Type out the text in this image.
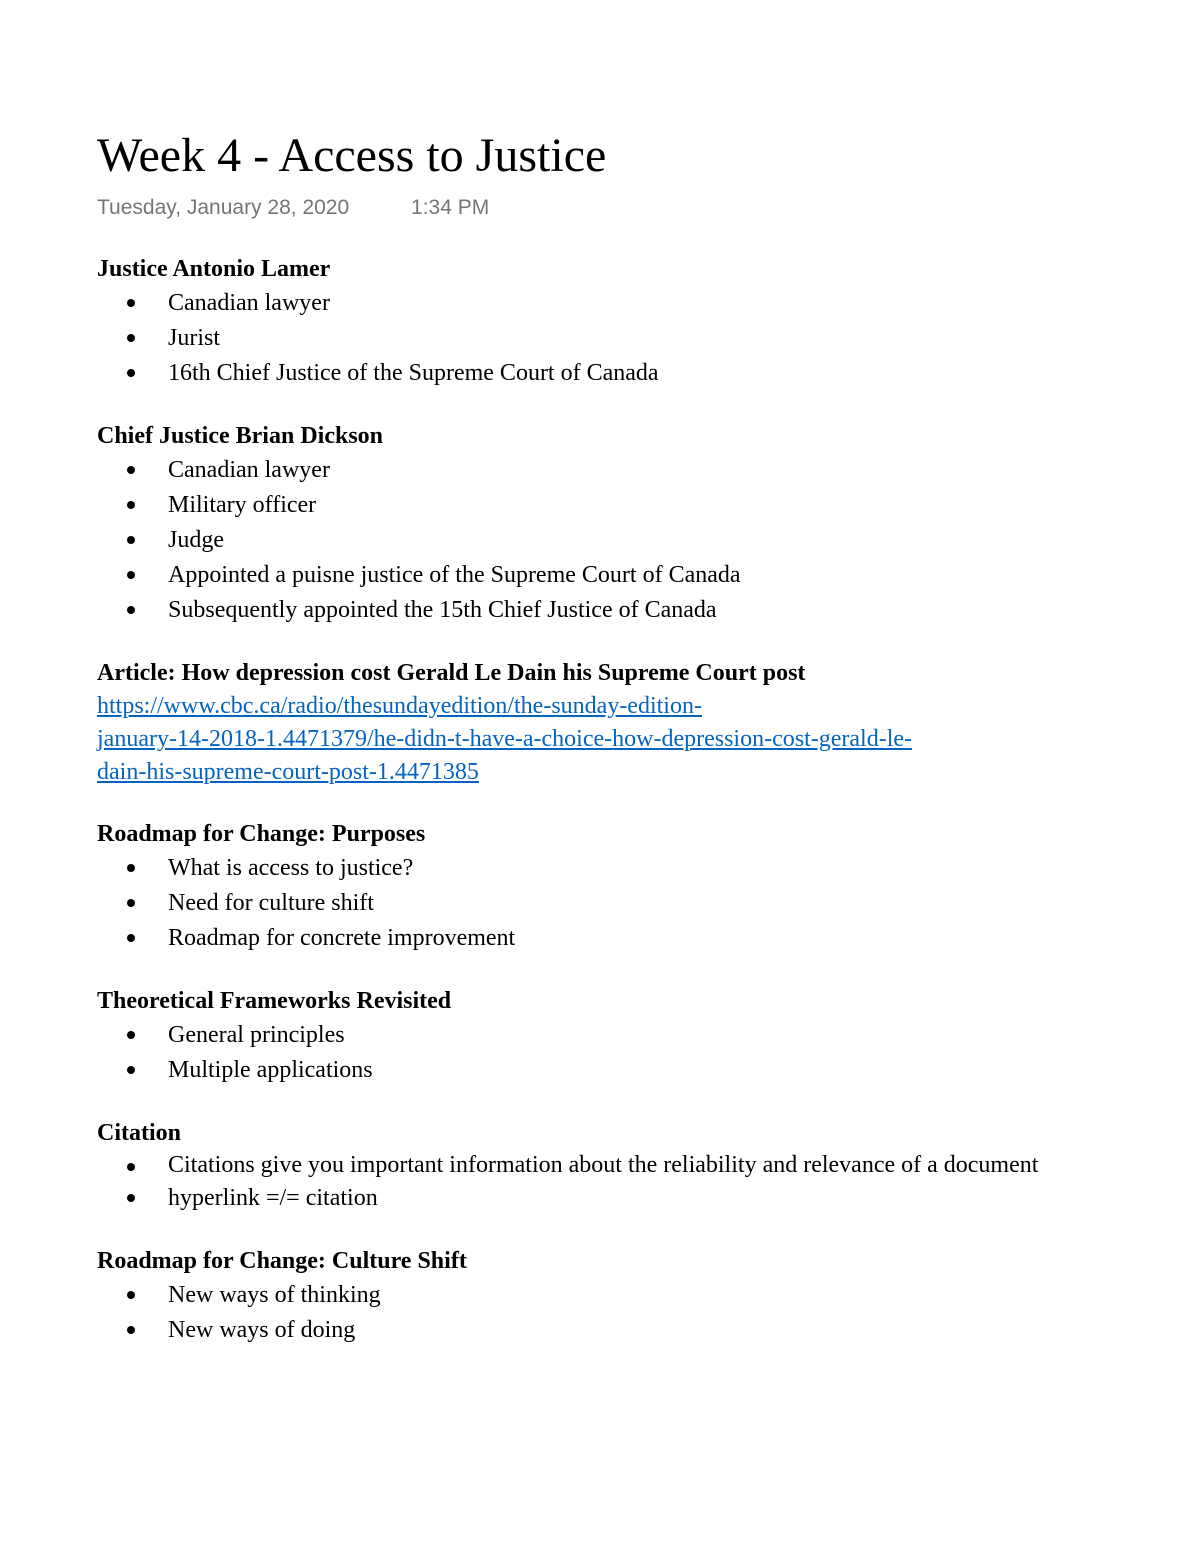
Week 4 - Access to Justice
Tuesday, January 28, 2020	1:34 PM
Justice Antonio Lamer
Canadian lawyer
Jurist
16th Chief Justice of the Supreme Court of Canada
Chief Justice Brian Dickson
Canadian lawyer
Military officer
Judge
Appointed a puisne justice of the Supreme Court of Canada
Subsequently appointed the 15th Chief Justice of Canada
Article: How depression cost Gerald Le Dain his Supreme Court post
https://www.cbc.ca/radio/thesundayedition/the-sunday-edition-
january-14-2018-1.4471379/he-didn-t-have-a-choice-how-depression-cost-gerald-le-
dain-his-supreme-court-post-1.4471385
Roadmap for Change: Purposes
What is access to justice?
Need for culture shift
Roadmap for concrete improvement
Theoretical Frameworks Revisited
General principles
Multiple applications
Citation
Citations give you important information about the reliability and relevance of a document
hyperlink =/= citation
Roadmap for Change: Culture Shift
New ways of thinking
New ways of doing
